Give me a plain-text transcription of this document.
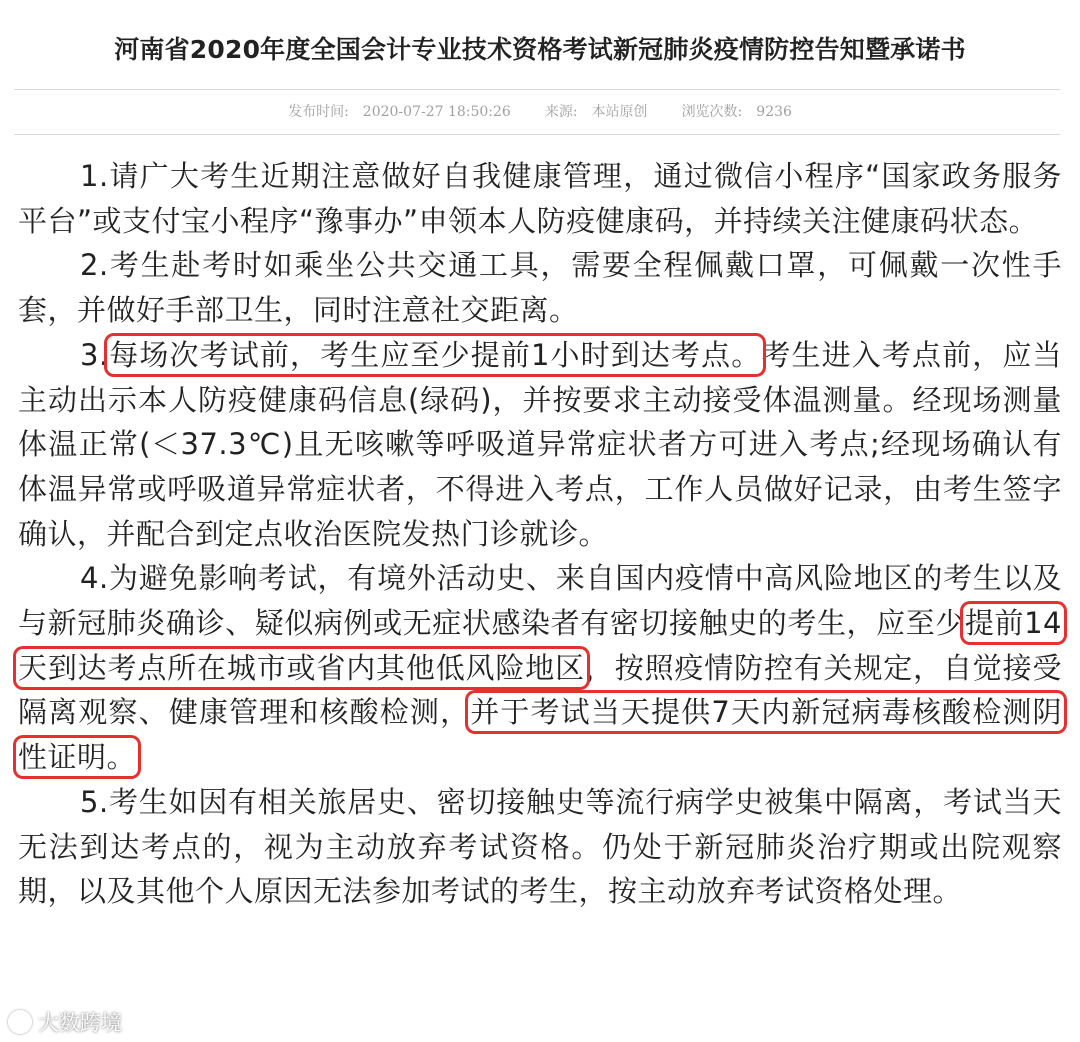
河南省2020年度全国会计专业技术资格考试新冠肺炎疫情防控告知暨承诺书
发布时间: 2020-07-27 18:50:26 来源: 本站原创 浏览次数: 9236

1.请广大考生近期注意做好自我健康管理，通过微信小程序“国家政务服务平台”或支付宝小程序“豫事办”申领本人防疫健康码，并持续关注健康码状态。

2.考生赴考时如乘坐公共交通工具，需要全程佩戴口罩，可佩戴一次性手套，并做好手部卫生，同时注意社交距离。

3.每场次考试前，考生应至少提前1小时到达考点。考生进入考点前，应当主动出示本人防疫健康码信息(绿码)，并按要求主动接受体温测量。经现场测量体温正常(＜37.3℃)且无咳嗽等呼吸道异常症状者方可进入考点;经现场确认有体温异常或呼吸道异常症状者，不得进入考点，工作人员做好记录，由考生签字确认，并配合到定点收治医院发热门诊就诊。

4.为避免影响考试，有境外活动史、来自国内疫情中高风险地区的考生以及与新冠肺炎确诊、疑似病例或无症状感染者有密切接触史的考生，应至少提前14天到达考点所在城市或省内其他低风险地区，按照疫情防控有关规定，自觉接受隔离观察、健康管理和核酸检测，并于考试当天提供7天内新冠病毒核酸检测阴性证明。

5.考生如因有相关旅居史、密切接触史等流行病学史被集中隔离，考试当天无法到达考点的，视为主动放弃考试资格。仍处于新冠肺炎治疗期或出院观察期，以及其他个人原因无法参加考试的考生，按主动放弃考试资格处理。

大数跨境
